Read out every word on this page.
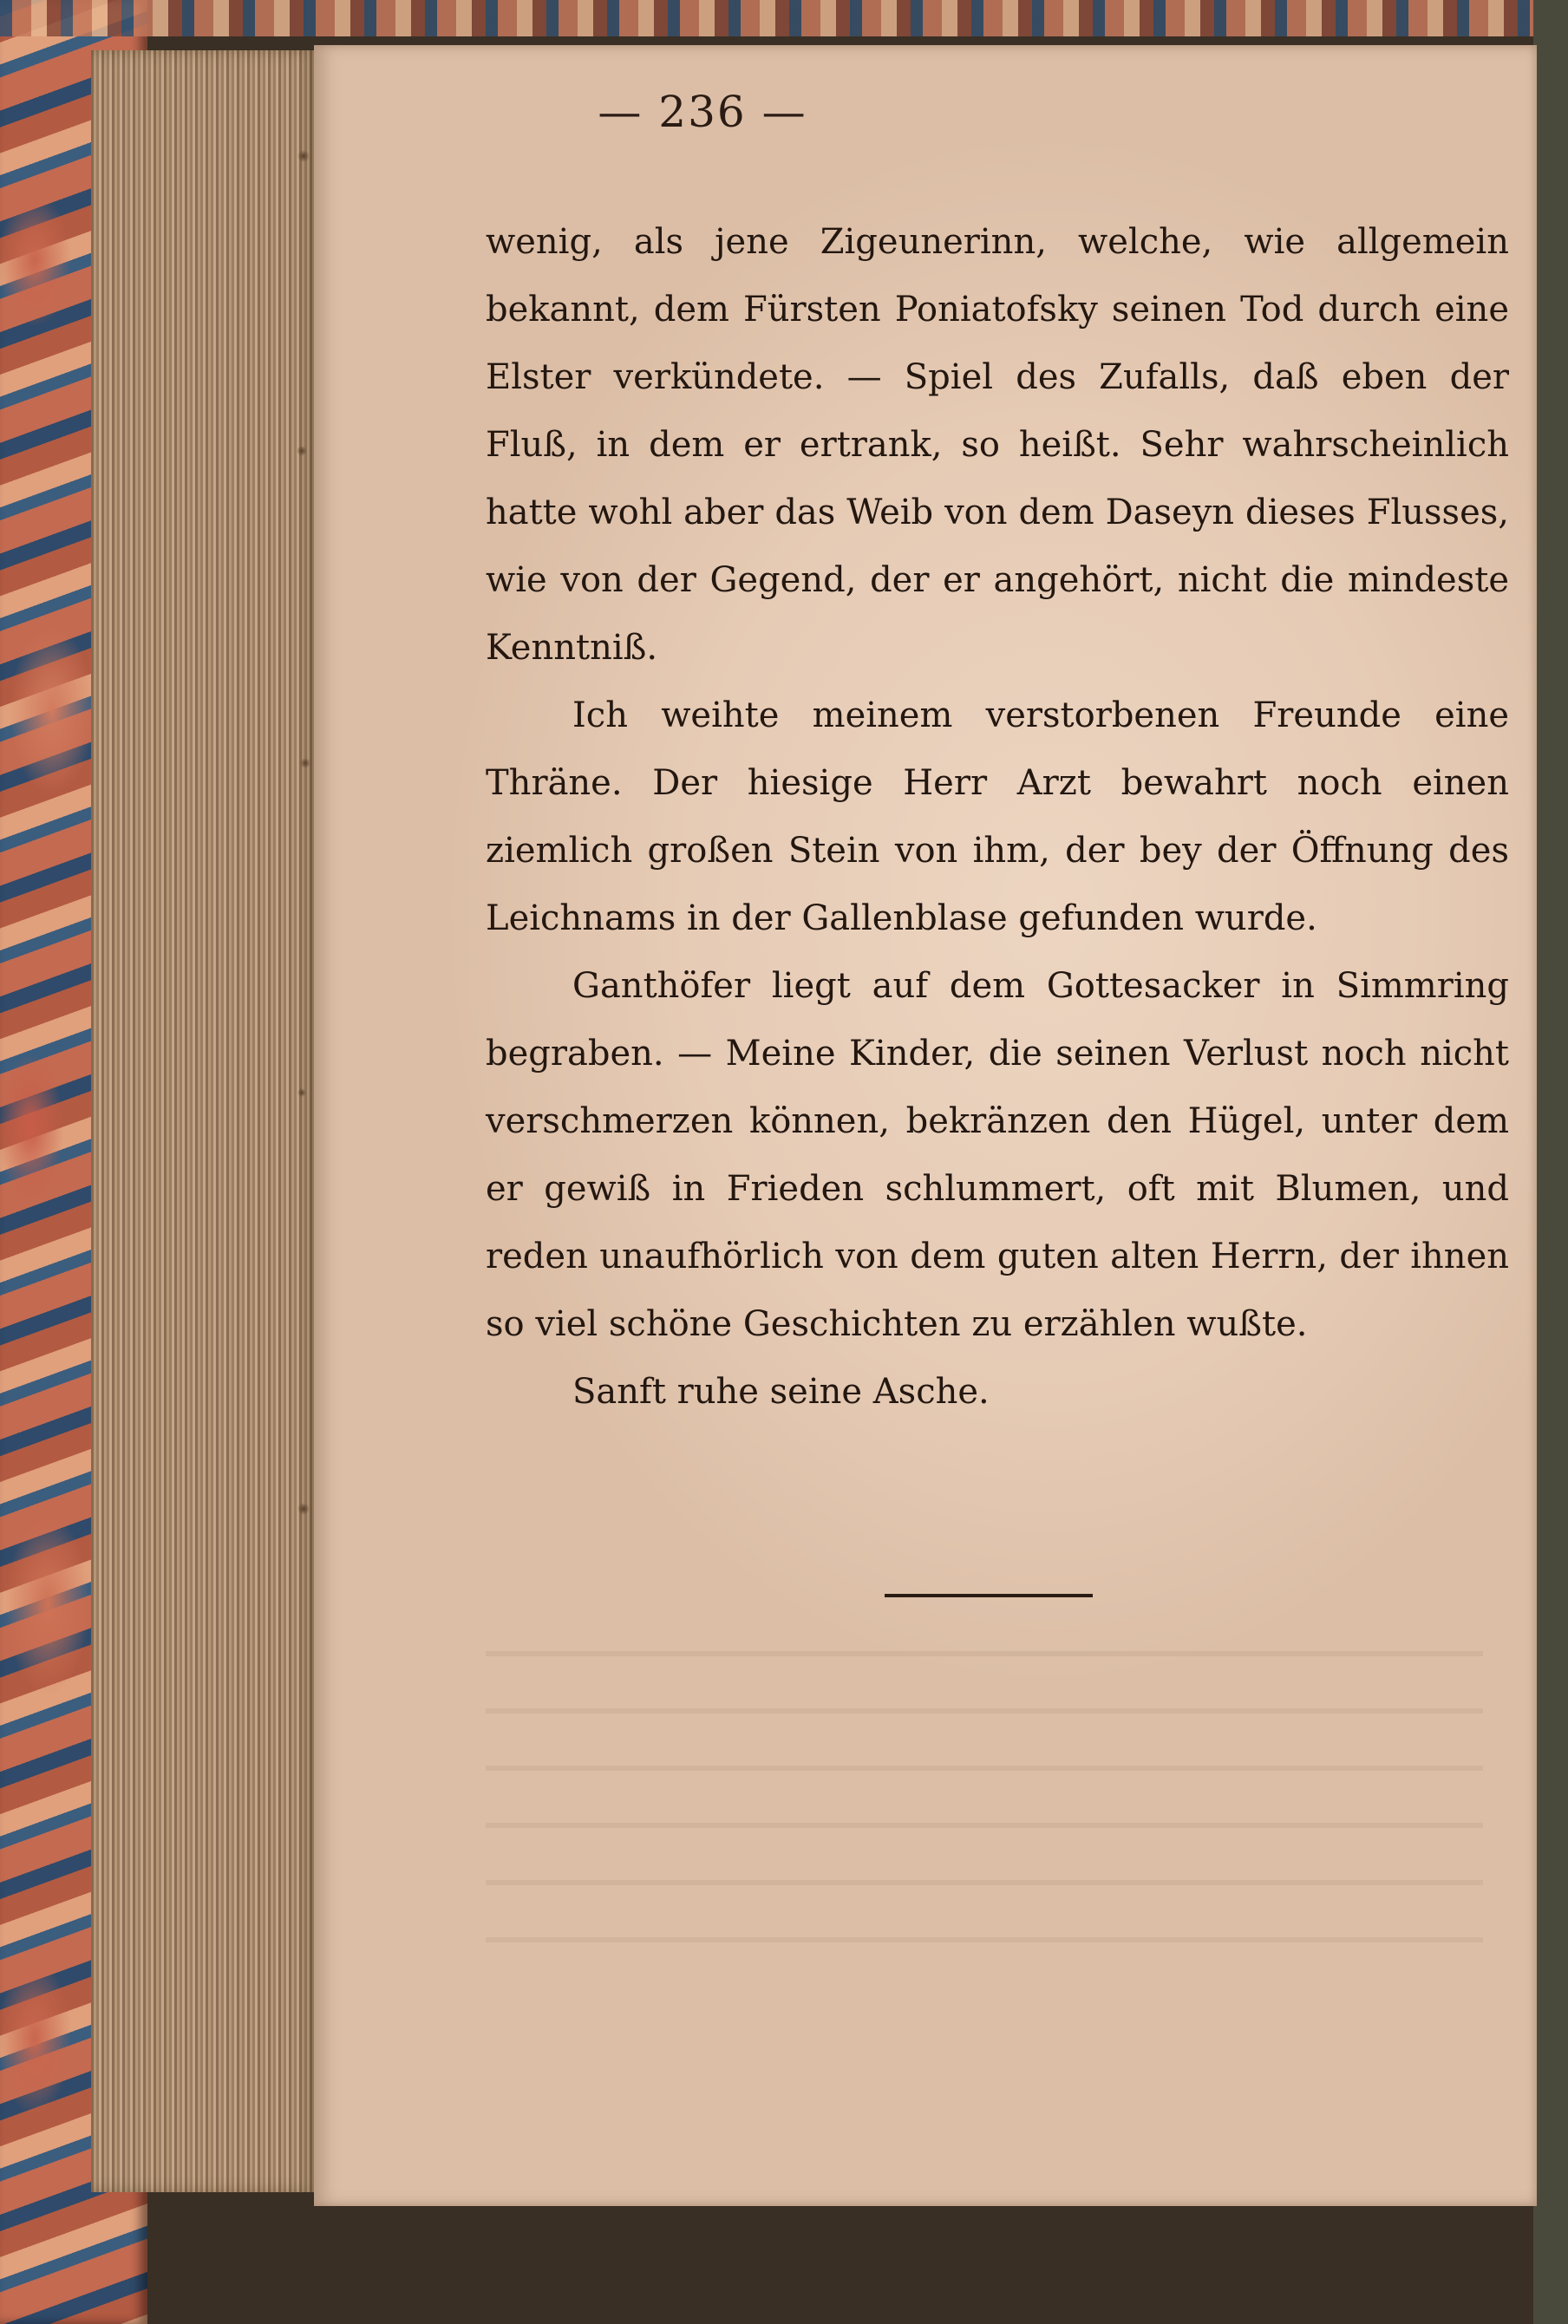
— 236 —

wenig, als jene Zigeunerinn, welche, wie allgemein bekannt, dem Fürsten Poniatofsky seinen Tod durch eine Elster verkündete. — Spiel des Zufalls, daß eben der Fluß, in dem er ertrank, so heißt. Sehr wahrscheinlich hatte wohl aber das Weib von dem Daseyn dieses Flusses, wie von der Gegend, der er angehört, nicht die mindeste Kenntniß.

Ich weihte meinem verstorbenen Freunde eine Thräne. Der hiesige Herr Arzt bewahrt noch einen ziemlich großen Stein von ihm, der bey der Öffnung des Leichnams in der Gallenblase gefunden wurde.

Ganthöfer liegt auf dem Gottesacker in Simmring begraben. — Meine Kinder, die seinen Verlust noch nicht verschmerzen können, bekränzen den Hügel, unter dem er gewiß in Frieden schlummert, oft mit Blumen, und reden unaufhörlich von dem guten alten Herrn, der ihnen so viel schöne Geschichten zu erzählen wußte.

Sanft ruhe seine Asche.
